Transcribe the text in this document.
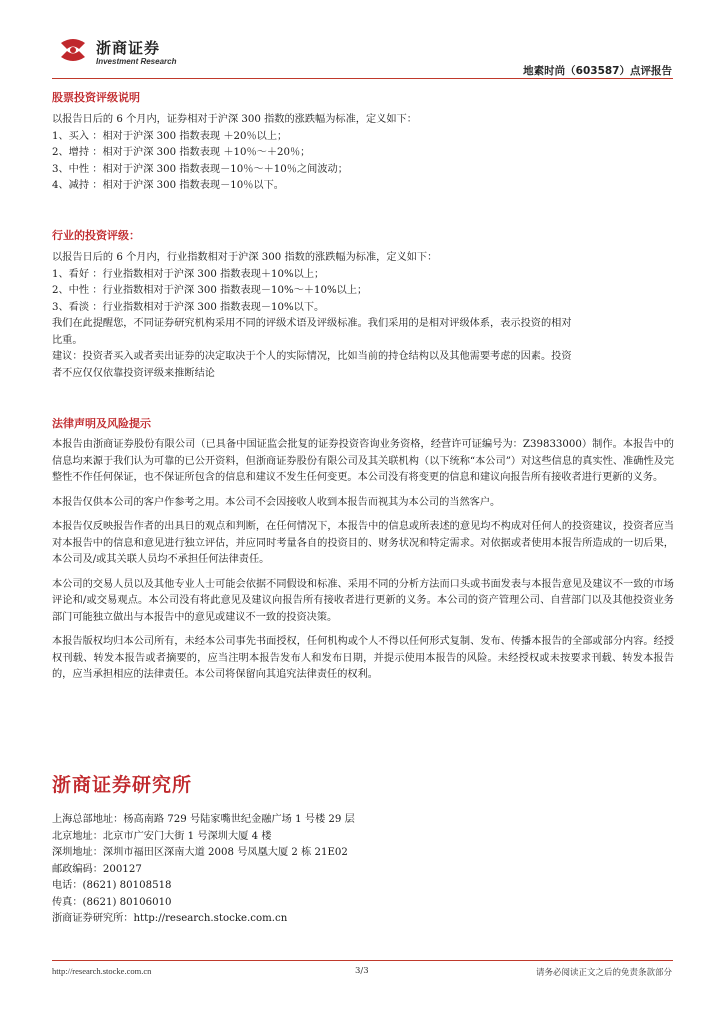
浙商证券
Investment Research
地素时尚（603587）点评报告
股票投资评级说明
以报告日后的 6 个月内，证券相对于沪深 300 指数的涨跌幅为标准，定义如下：
1、买入 ：相对于沪深 300 指数表现 ＋20％以上；
2、增持 ：相对于沪深 300 指数表现 ＋10％～＋20％；
3、中性 ：相对于沪深 300 指数表现－10％～＋10％之间波动；
4、减持 ：相对于沪深 300 指数表现－10％以下。
行业的投资评级：
以报告日后的 6 个月内，行业指数相对于沪深 300 指数的涨跌幅为标准，定义如下：
1、看好 ：行业指数相对于沪深 300 指数表现＋10%以上；
2、中性 ：行业指数相对于沪深 300 指数表现－10%～＋10%以上；
3、看淡 ：行业指数相对于沪深 300 指数表现－10%以下。
我们在此提醒您，不同证券研究机构采用不同的评级术语及评级标准。我们采用的是相对评级体系，表示投资的相对
比重。
建议：投资者买入或者卖出证券的决定取决于个人的实际情况，比如当前的持仓结构以及其他需要考虑的因素。投资
者不应仅仅依靠投资评级来推断结论
法律声明及风险提示

本报告由浙商证券股份有限公司（已具备中国证监会批复的证券投资咨询业务资格，经营许可证编号为：Z39833000）制作。本报告中的信息均来源于我们认为可靠的已公开资料，但浙商证券股份有限公司及其关联机构（以下统称“本公司”）对这些信息的真实性、准确性及完整性不作任何保证，也不保证所包含的信息和建议不发生任何变更。本公司没有将变更的信息和建议向报告所有接收者进行更新的义务。

本报告仅供本公司的客户作参考之用。本公司不会因接收人收到本报告而视其为本公司的当然客户。

本报告仅反映报告作者的出具日的观点和判断，在任何情况下，本报告中的信息或所表述的意见均不构成对任何人的投资建议，投资者应当对本报告中的信息和意见进行独立评估，并应同时考量各自的投资目的、财务状况和特定需求。对依据或者使用本报告所造成的一切后果，本公司及/或其关联人员均不承担任何法律责任。

本公司的交易人员以及其他专业人士可能会依据不同假设和标准、采用不同的分析方法而口头或书面发表与本报告意见及建议不一致的市场评论和/或交易观点。本公司没有将此意见及建议向报告所有接收者进行更新的义务。本公司的资产管理公司、自营部门以及其他投资业务部门可能独立做出与本报告中的意见或建议不一致的投资决策。

本报告版权均归本公司所有，未经本公司事先书面授权，任何机构或个人不得以任何形式复制、发布、传播本报告的全部或部分内容。经授权刊载、转发本报告或者摘要的，应当注明本报告发布人和发布日期，并提示使用本报告的风险。未经授权或未按要求刊载、转发本报告的，应当承担相应的法律责任。本公司将保留向其追究法律责任的权利。

浙商证券研究所
上海总部地址：杨高南路 729 号陆家嘴世纪金融广场 1 号楼 29 层
北京地址：北京市广安门大街 1 号深圳大厦 4 楼
深圳地址：深圳市福田区深南大道 2008 号凤凰大厦 2 栋 21E02
邮政编码：200127
电话：(8621) 80108518
传真：(8621) 80106010
浙商证券研究所：http://research.stocke.com.cn
http://research.stocke.com.cn	3/3	请务必阅读正文之后的免责条款部分
